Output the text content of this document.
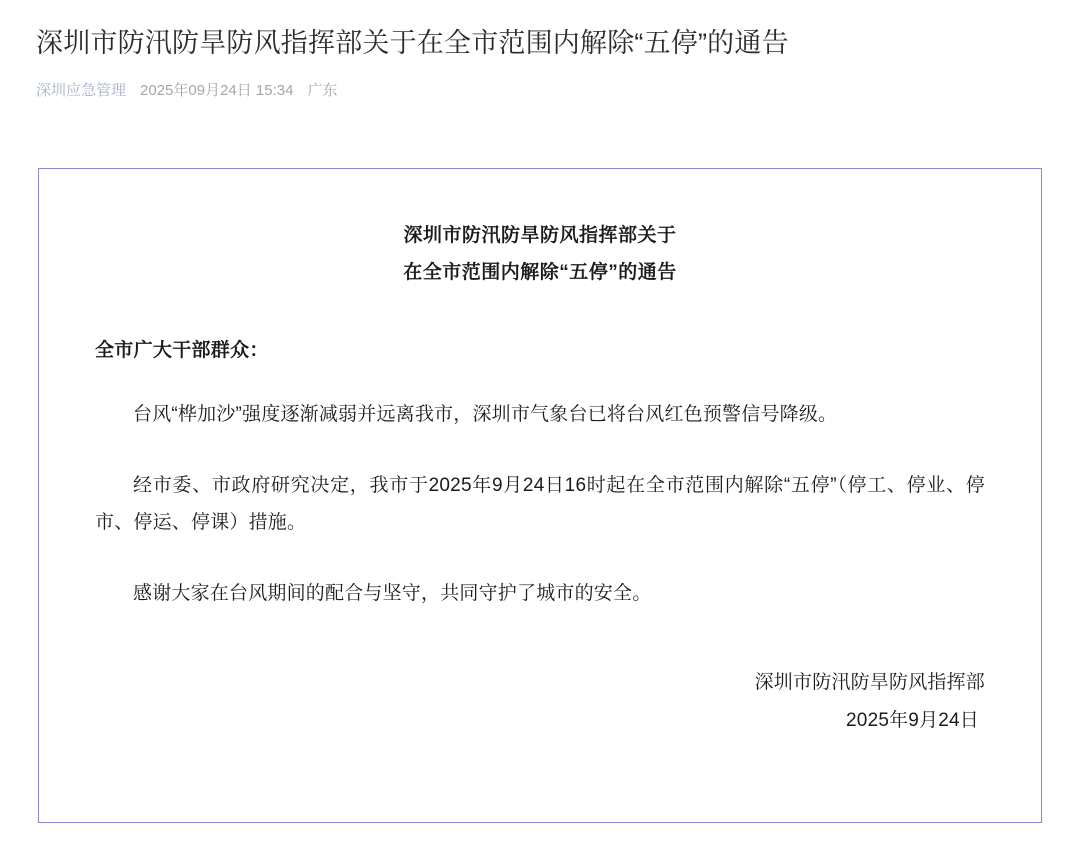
深圳市防汛防旱防风指挥部关于在全市范围内解除“五停”的通告
深圳应急管理 2025年09月24日 15:34 广东
深圳市防汛防旱防风指挥部关于
在全市范围内解除“五停”的通告
全市广大干部群众：

台风“桦加沙”强度逐渐减弱并远离我市，深圳市气象台已将台风红色预警信号降级。

经市委、市政府研究决定，我市于2025年9月24日16时起在全市范围内解除“五停”（停工、停业、停市、停运、停课）措施。

感谢大家在台风期间的配合与坚守，共同守护了城市的安全。

深圳市防汛防旱防风指挥部
2025年9月24日
